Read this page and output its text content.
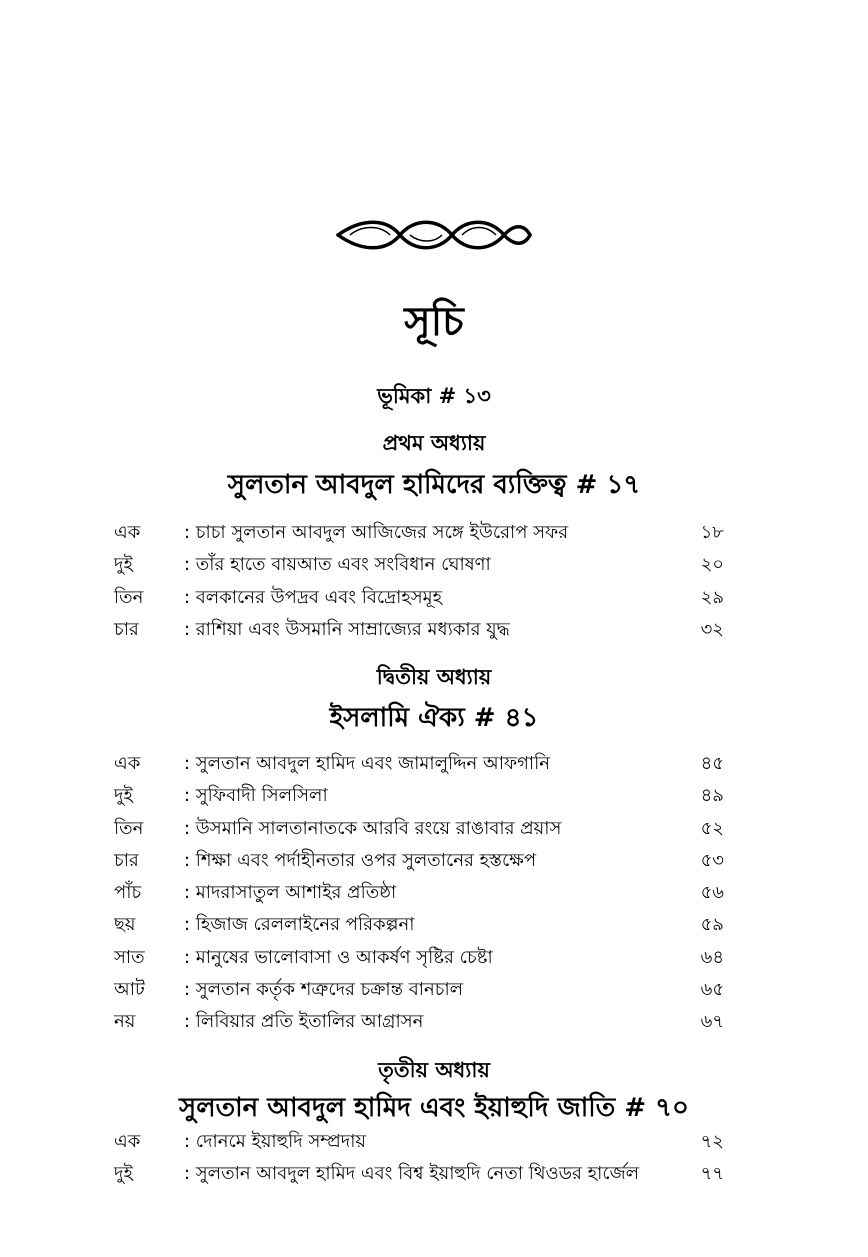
সূচি
ভূমিকা # ১৩
প্রথম অধ্যায়
সুলতান আবদুল হামিদের ব্যক্তিত্ব # ১৭
এক : চাচা সুলতান আবদুল আজিজের সঙ্গে ইউরোপ সফর	১৮
দুই	: তাঁর হাতে বায়আত এবং সংবিধান ঘোষণা	২০
তিন : বলকানের উপদ্রব এবং বিদ্রোহসমূহ	২৯
চার	: রাশিয়া এবং উসমানি সাম্রাজ্যের মধ্যকার যুদ্ধ	৩২
দ্বিতীয় অধ্যায়
ইসলামি ঐক্য # ৪১
এক : সুলতান আবদুল হামিদ এবং জামালুদ্দিন আফগানি	৪৫
দুই	: সুফিবাদী সিলসিলা	৪৯
তিন : উসমানি সালতানাতকে আরবি রংয়ে রাঙাবার প্রয়াস	৫২
চার	: শিক্ষা এবং পর্দাহীনতার ওপর সুলতানের হস্তক্ষেপ	৫৩
পাঁচ : মাদরাসাতুল আশাইর প্রতিষ্ঠা	৫৬
ছয়	: হিজাজ রেললাইনের পরিকল্পনা	৫৯
সাত : মানুষের ভালোবাসা ও আকর্ষণ সৃষ্টির চেষ্টা	৬৪
আট : সুলতান কর্তৃক শত্রুদের চক্রান্ত বানচাল	৬৫
নয়	: লিবিয়ার প্রতি ইতালির আগ্রাসন	৬৭
তৃতীয় অধ্যায়
সুলতান আবদুল হামিদ এবং ইয়াহুদি জাতি # ৭০
এক : দোনমে ইয়াহুদি সম্প্রদায়	৭২
দুই	: সুলতান আবদুল হামিদ এবং বিশ্ব ইয়াহুদি নেতা থিওডর হার্জেল	৭৭
